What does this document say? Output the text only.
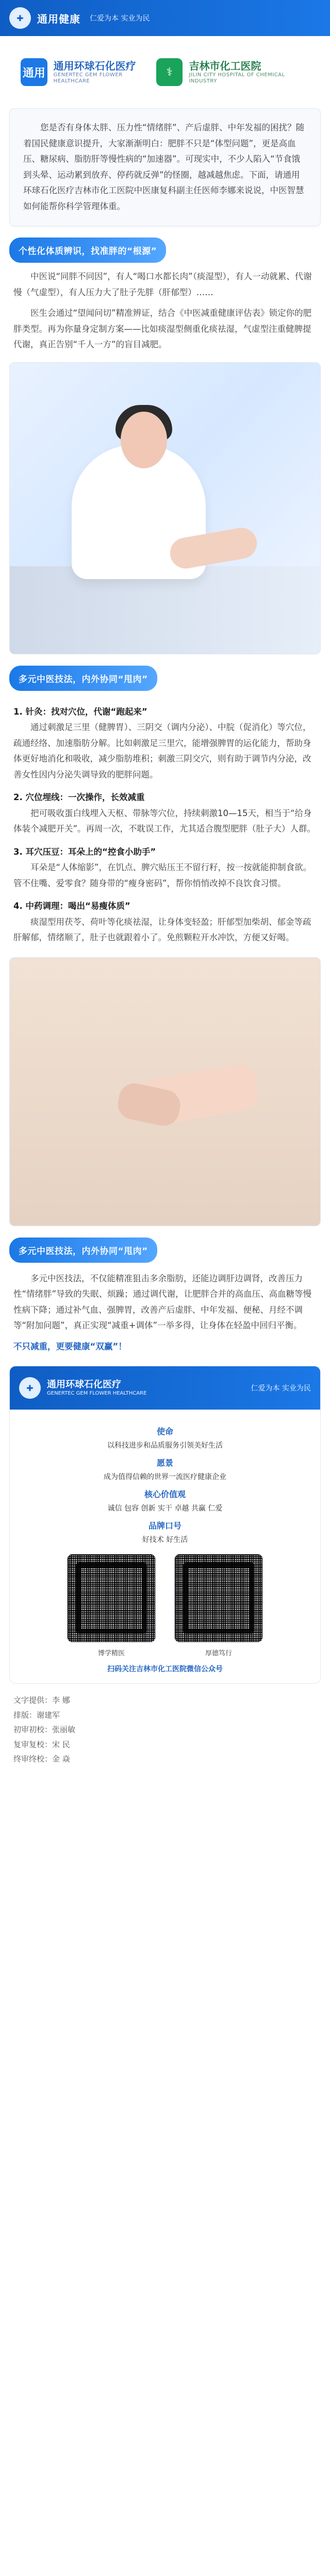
✚	通用健康 仁爱为本 实业为民
通用
通用环球石化医疗
GENERTEC GEM FLOWER HEALTHCARE
⚕	吉林市化工医院
JILIN CITY HOSPITAL OF CHEMICAL INDUSTRY
您是否有身体太胖、压力性“情绪胖”、产后虚胖、中年发福的困扰？随着国民健康意识提升，大家渐渐明白：肥胖不只是“体型问题”，更是高血压、糖尿病、脂肪肝等慢性病的“加速器”。可现实中，不少人陷入“节食饿到头晕、运动累到放弃、停药就反弹”的怪圈，越减越焦虑。下面，请通用环球石化医疗吉林市化工医院中医康复科副主任医师李娜来说说，中医智慧如何能帮你科学管理体重。
个性化体质辨识，找准胖的“根源”
中医说“同胖不同因”，有人“喝口水都长肉”（痰湿型），有人一动就累、代谢慢（气虚型），有人压力大了肚子先胖（肝郁型）……
医生会通过“望闻问切”精准辨证，结合《中医减重健康评估表》锁定你的肥胖类型。再为你量身定制方案——比如痰湿型侧重化痰祛湿，气虚型注重健脾提代谢，真正告别“千人一方”的盲目减肥。
多元中医技法，内外协同“甩肉”
1. 针灸：找对穴位，代谢“跑起来”
通过刺激足三里（健脾胃）、三阴交（调内分泌）、中脘（促消化）等穴位，疏通经络、加速脂肪分解。比如刺激足三里穴，能增强脾胃的运化能力，帮助身体更好地消化和吸收，减少脂肪堆积；刺激三阴交穴，则有助于调节内分泌，改善女性因内分泌失调导致的肥胖问题。
2. 穴位埋线：一次操作，长效减重
把可吸收蛋白线埋入天枢、带脉等穴位，持续刺激10—15天，相当于“给身体装个减肥开关”。再周一次，不耽误工作，尤其适合腹型肥胖（肚子大）人群。
3. 耳穴压豆：耳朵上的“控食小助手”
耳朵是“人体缩影”，在饥点、脾穴贴压王不留行籽，按一按就能抑制食欲。管不住嘴、爱零食？随身带的“瘦身密码”，帮你悄悄改掉不良饮食习惯。
4. 中药调理：喝出“易瘦体质”
痰湿型用茯苓、荷叶等化痰祛湿，让身体变轻盈；肝郁型加柴胡、郁金等疏肝解郁，情绪顺了，肚子也就跟着小了。免煎颗粒开水冲饮，方便又好喝。
多元中医技法，内外协同“甩肉”
多元中医技法，不仅能精准狙击多余脂肪，还能边调肝边调肾，改善压力性“情绪胖”导致的失眠、烦躁；通过调代谢，让肥胖合并的高血压、高血糖等慢性病下降；通过补气血、强脾胃，改善产后虚胖、中年发福、便秘、月经不调等“附加问题”，真正实现“减重+调体”一举多得，让身体在轻盈中回归平衡。
不只减重，更要健康“双赢”！
✚	通用环球石化医疗
GENERTEC GEM FLOWER HEALTHCARE
仁爱为本 实业为民
使命
以科技进步和品质服务引领美好生活
愿景
成为值得信赖的世界一流医疗健康企业
核心价值观
诚信 包容 创新 实干 卓越 共赢 仁爱
品牌口号
好技术 好生活
博学精医	厚德笃行
扫码关注吉林市化工医院微信公众号
文字提供：李 娜
排版：谢建军
初审初校：张丽敏
复审复校：宋 民
终审终校：金 焱
